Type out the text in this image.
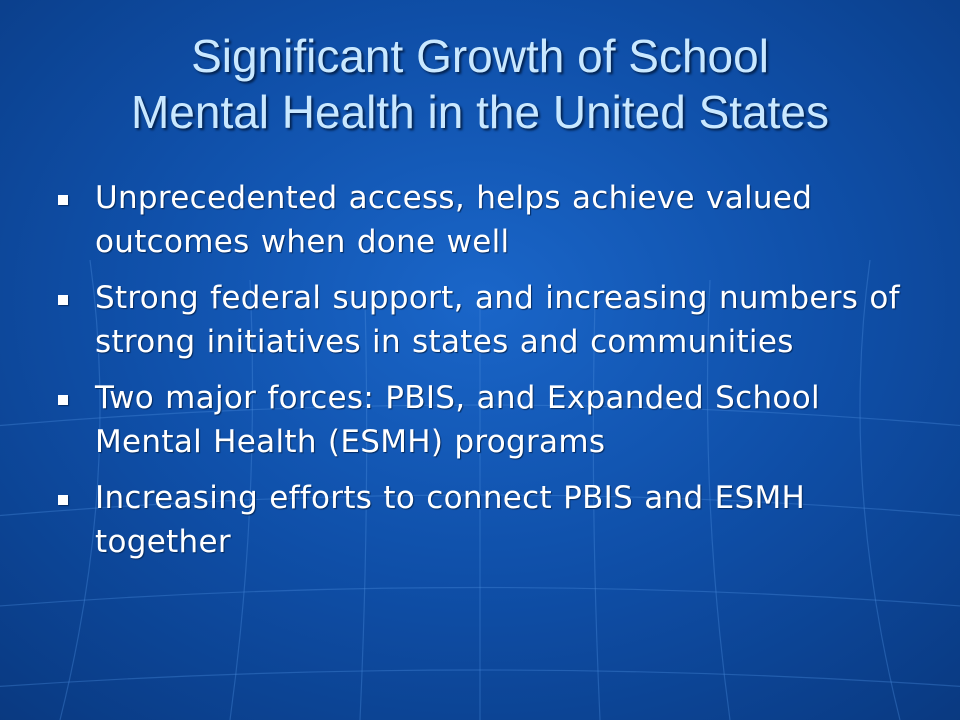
Significant Growth of School
Mental Health in the United States
Unprecedented access, helps achieve valued outcomes when done well
Strong federal support, and increasing numbers of strong initiatives in states and communities
Two major forces: PBIS, and Expanded School Mental Health (ESMH) programs
Increasing efforts to connect PBIS and ESMH together
